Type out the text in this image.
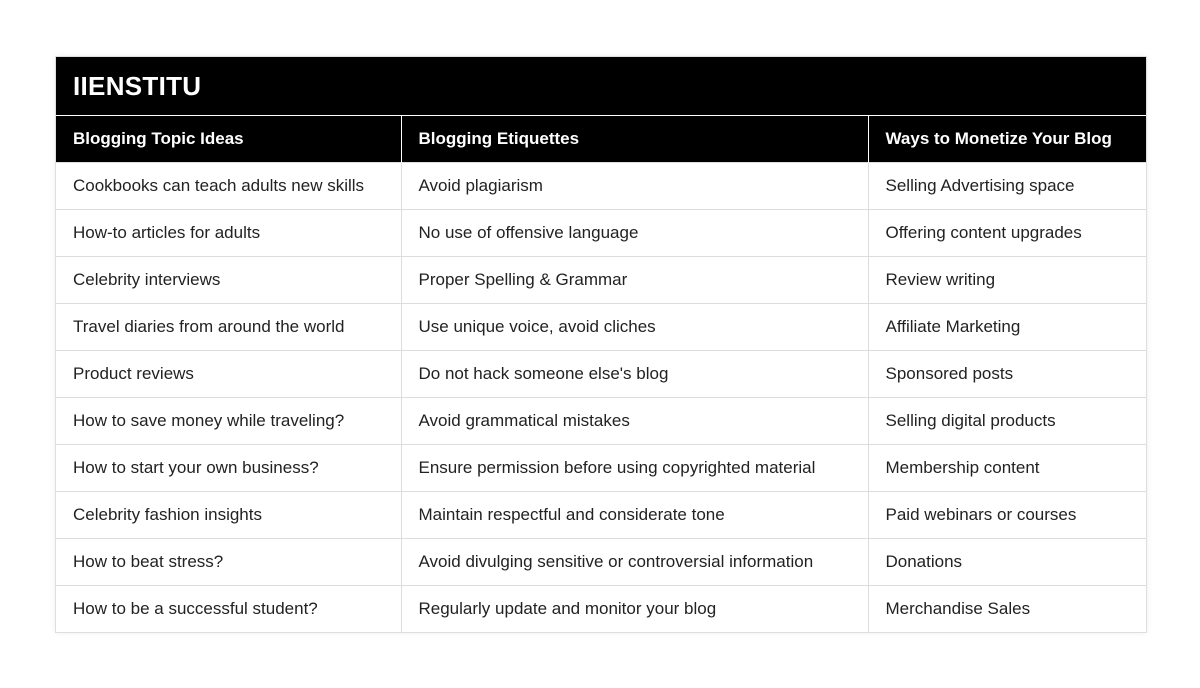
IIENSTITU
Blogging Topic Ideas	Blogging Etiquettes	Ways to Monetize Your Blog
Cookbooks can teach adults new skills	Avoid plagiarism	Selling Advertising space
How-to articles for adults	No use of offensive language	Offering content upgrades
Celebrity interviews	Proper Spelling & Grammar	Review writing
Travel diaries from around the world	Use unique voice, avoid cliches	Affiliate Marketing
Product reviews	Do not hack someone else's blog	Sponsored posts
How to save money while traveling?	Avoid grammatical mistakes	Selling digital products
How to start your own business?	Ensure permission before using copyrighted material	Membership content
Celebrity fashion insights	Maintain respectful and considerate tone	Paid webinars or courses
How to beat stress?	Avoid divulging sensitive or controversial information	Donations
How to be a successful student?	Regularly update and monitor your blog	Merchandise Sales
